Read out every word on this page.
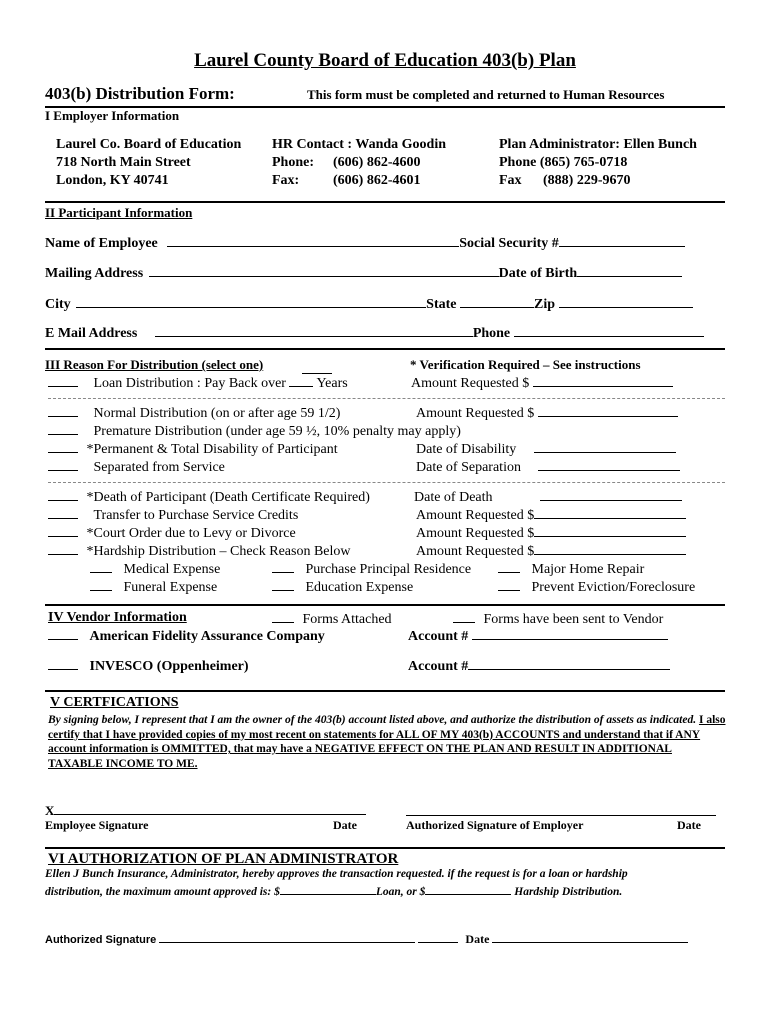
Laurel County Board of Education 403(b) Plan
403(b) Distribution Form:	This form must be completed and returned to Human Resources
I Employer Information
Laurel Co. Board of Education
718 North Main Street
London, KY 40741
HR Contact : Wanda Goodin
Phone: (606) 862-4600
Fax: (606) 862-4601
Plan Administrator: Ellen Bunch
Phone (865) 765-0718
Fax (888) 229-9670
II Participant Information
Name of Employee	Social Security #
Mailing Address	Date of Birth
City	State	Zip
E Mail Address	Phone
III Reason For Distribution (select one)	* Verification Required – See instructions
Loan Distribution : Pay Back over Years	Amount Requested $
Normal Distribution (on or after age 59 1/2)	Amount Requested $
Premature Distribution (under age 59 ½, 10% penalty may apply)
*Permanent & Total Disability of Participant	Date of Disability
Separated from Service	Date of Separation
*Death of Participant (Death Certificate Required)	Date of Death
Transfer to Purchase Service Credits	Amount Requested $
*Court Order due to Levy or Divorce	Amount Requested $
*Hardship Distribution – Check Reason Below	Amount Requested $
Medical Expense	Purchase Principal Residence	Major Home Repair
Funeral Expense	Education Expense	Prevent Eviction/Foreclosure
IV Vendor Information	Forms Attached	Forms have been sent to Vendor
American Fidelity Assurance Company	Account #
INVESCO (Oppenheimer)	Account #
V CERTFICATIONS
By signing below, I represent that I am the owner of the 403(b) account listed above, and authorize the distribution of assets as indicated. I also certify that I have provided copies of my most recent on statements for ALL OF MY 403(b) ACCOUNTS and understand that if ANY account information is OMMITTED, that may have a NEGATIVE EFFECT ON THE PLAN AND RESULT IN ADDITIONAL TAXABLE INCOME TO ME.
X
Employee Signature	Date	Authorized Signature of Employer	Date
VI AUTHORIZATION OF PLAN ADMINISTRATOR
Ellen J Bunch Insurance, Administrator, hereby approves the transaction requested. if the request is for a loan or hardship
distribution, the maximum amount approved is: $	Loan, or $	Hardship Distribution.
Authorized Signature	Date
